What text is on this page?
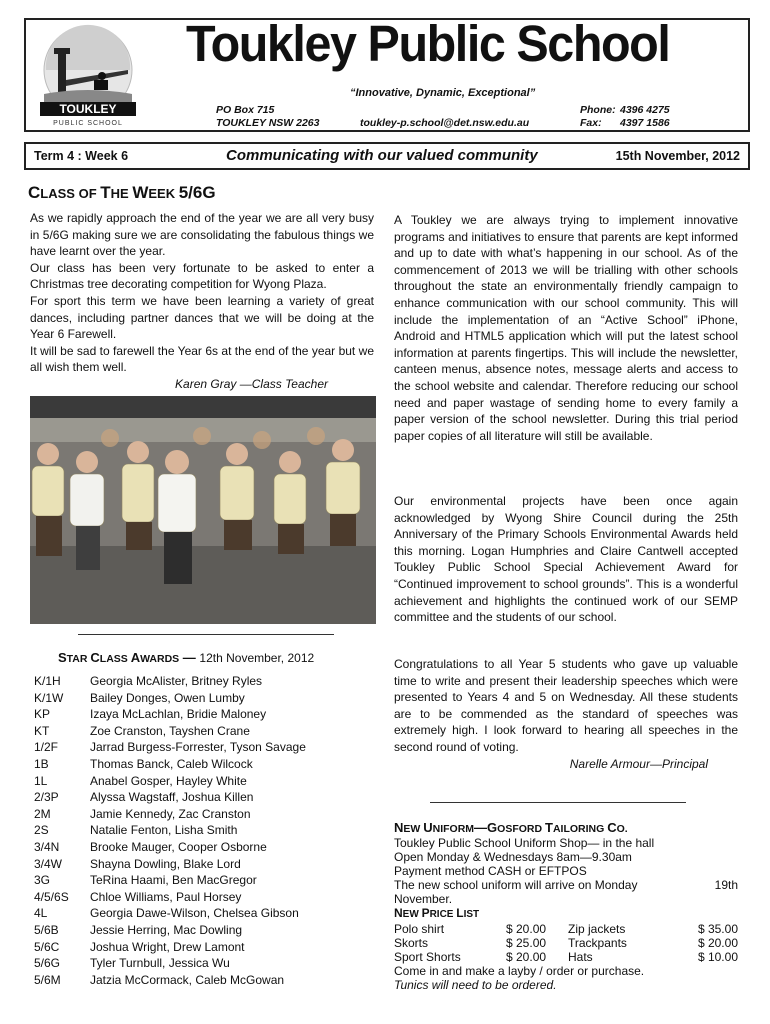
TOUKLEY
PUBLIC SCHOOL
Toukley Public School
“Innovative, Dynamic, Exceptional”
PO Box 715
TOUKLEY NSW 2263	toukley-p.school@det.nsw.edu.au
Phone: 4396 4275
Fax: 4397 1586
Term 4 : Week 6	Communicating with our valued community	15th November, 2012
CLASS OF THE WEEK 5/6G

As we rapidly approach the end of the year we are all very busy in 5/6G making sure we are consolidating the fabulous things we have learnt over the year.

Our class has been very fortunate to be asked to enter a Christmas tree decorating competition for Wyong Plaza.

For sport this term we have been learning a variety of great dances, including partner dances that we will be doing at the Year 6 Farewell.

It will be sad to farewell the Year 6s at the end of the year but we all wish them well.

Karen Gray —Class Teacher

STAR CLASS AWARDS — 12th November, 2012
K/1H	Georgia McAlister, Britney Ryles
K/1W	Bailey Donges, Owen Lumby
KP	Izaya McLachlan, Bridie Maloney
KT	Zoe Cranston, Tayshen Crane
1/2F	Jarrad Burgess-Forrester, Tyson Savage
1B	Thomas Banck, Caleb Wilcock
1L	Anabel Gosper, Hayley White
2/3P	Alyssa Wagstaff, Joshua Killen
2M	Jamie Kennedy, Zac Cranston
2S	Natalie Fenton, Lisha Smith
3/4N	Brooke Mauger, Cooper Osborne
3/4W	Shayna Dowling, Blake Lord
3G	TeRina Haami, Ben MacGregor
4/5/6S	Chloe Williams, Paul Horsey
4L	Georgia Dawe-Wilson, Chelsea Gibson
5/6B	Jessie Herring, Mac Dowling
5/6C	Joshua Wright, Drew Lamont
5/6G	Tyler Turnbull, Jessica Wu
5/6M	Jatzia McCormack, Caleb McGowan
A Toukley we are always trying to implement innovative programs and initiatives to ensure that parents are kept informed and up to date with what’s happening in our school. As of the commencement of 2013 we will be trialling with other schools throughout the state an environmentally friendly campaign to enhance communication with our school community. This will include the implementation of an “Active School” iPhone, Android and HTML5 application which will put the latest school information at parents fingertips. This will include the newsletter, canteen menus, absence notes, message alerts and access to the school website and calendar. Therefore reducing our school need and paper wastage of sending home to every family a paper version of the school newsletter. During this trial period paper copies of all literature will still be available.
Our environmental projects have been once again acknowledged by Wyong Shire Council during the 25th Anniversary of the Primary Schools Environmental Awards held this morning. Logan Humphries and Claire Cantwell accepted Toukley Public School Special Achievement Award for “Continued improvement to school grounds”. This is a wonderful achievement and highlights the continued work of our SEMP committee and the students of our school.

Congratulations to all Year 5 students who gave up valuable time to write and present their leadership speeches which were presented to Years 4 and 5 on Wednesday. All these students are to be commended as the standard of speeches was extremely high. I look forward to hearing all speeches in the second round of voting.

Narelle Armour—Principal

NEW UNIFORM—GOSFORD TAILORING CO.
Toukley Public School Uniform Shop— in the hall
Open Monday & Wednesdays 8am—9.30am
Payment method CASH or EFTPOS
The new school uniform will arrive on Monday	19th
November.
NEW PRICE LIST
Polo shirt	$ 20.00	Zip jackets	$ 35.00
Skorts	$ 25.00	Trackpants	$ 20.00
Sport Shorts	$ 20.00	Hats	$ 10.00
Come in and make a layby / order or purchase.
Tunics will need to be ordered.
